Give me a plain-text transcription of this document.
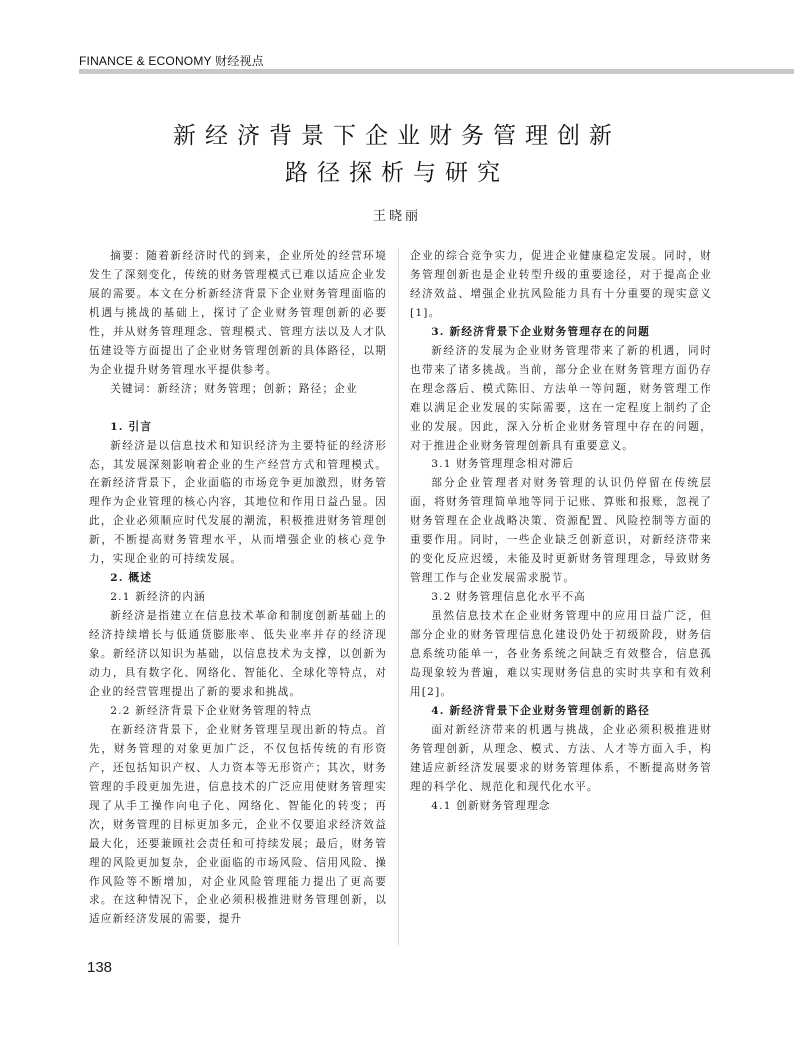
FINANCE & ECONOMY 财经视点
新经济背景下企业财务管理创新
路径探析与研究
王晓丽

摘要：随着新经济时代的到来，企业所处的经营环境发生了深刻变化，传统的财务管理模式已难以适应企业发展的需要。本文在分析新经济背景下企业财务管理面临的机遇与挑战的基础上，探讨了企业财务管理创新的必要性，并从财务管理理念、管理模式、管理方法以及人才队伍建设等方面提出了企业财务管理创新的具体路径，以期为企业提升财务管理水平提供参考。

关键词：新经济；财务管理；创新；路径；企业

1. 引言

新经济是以信息技术和知识经济为主要特征的经济形态，其发展深刻影响着企业的生产经营方式和管理模式。在新经济背景下，企业面临的市场竞争更加激烈，财务管理作为企业管理的核心内容，其地位和作用日益凸显。因此，企业必须顺应时代发展的潮流，积极推进财务管理创新，不断提高财务管理水平，从而增强企业的核心竞争力，实现企业的可持续发展。

2. 概述

2.1 新经济的内涵

新经济是指建立在信息技术革命和制度创新基础上的经济持续增长与低通货膨胀率、低失业率并存的经济现象。新经济以知识为基础，以信息技术为支撑，以创新为动力，具有数字化、网络化、智能化、全球化等特点，对企业的经营管理提出了新的要求和挑战。

2.2 新经济背景下企业财务管理的特点

在新经济背景下，企业财务管理呈现出新的特点。首先，财务管理的对象更加广泛，不仅包括传统的有形资产，还包括知识产权、人力资本等无形资产；其次，财务管理的手段更加先进，信息技术的广泛应用使财务管理实现了从手工操作向电子化、网络化、智能化的转变；再次，财务管理的目标更加多元，企业不仅要追求经济效益最大化，还要兼顾社会责任和可持续发展；最后，财务管理的风险更加复杂，企业面临的市场风险、信用风险、操作风险等不断增加，对企业风险管理能力提出了更高要求。在这种情况下，企业必须积极推进财务管理创新，以适应新经济发展的需要，提升

企业的综合竞争实力，促进企业健康稳定发展。同时，财务管理创新也是企业转型升级的重要途径，对于提高企业经济效益、增强企业抗风险能力具有十分重要的现实意义[1]。

3. 新经济背景下企业财务管理存在的问题

新经济的发展为企业财务管理带来了新的机遇，同时也带来了诸多挑战。当前，部分企业在财务管理方面仍存在理念落后、模式陈旧、方法单一等问题，财务管理工作难以满足企业发展的实际需要，这在一定程度上制约了企业的发展。因此，深入分析企业财务管理中存在的问题，对于推进企业财务管理创新具有重要意义。

3.1 财务管理理念相对滞后

部分企业管理者对财务管理的认识仍停留在传统层面，将财务管理简单地等同于记账、算账和报账，忽视了财务管理在企业战略决策、资源配置、风险控制等方面的重要作用。同时，一些企业缺乏创新意识，对新经济带来的变化反应迟缓，未能及时更新财务管理理念，导致财务管理工作与企业发展需求脱节。

3.2 财务管理信息化水平不高

虽然信息技术在企业财务管理中的应用日益广泛，但部分企业的财务管理信息化建设仍处于初级阶段，财务信息系统功能单一，各业务系统之间缺乏有效整合，信息孤岛现象较为普遍，难以实现财务信息的实时共享和有效利用[2]。

4. 新经济背景下企业财务管理创新的路径

面对新经济带来的机遇与挑战，企业必须积极推进财务管理创新，从理念、模式、方法、人才等方面入手，构建适应新经济发展要求的财务管理体系，不断提高财务管理的科学化、规范化和现代化水平。

4.1 创新财务管理理念

138
